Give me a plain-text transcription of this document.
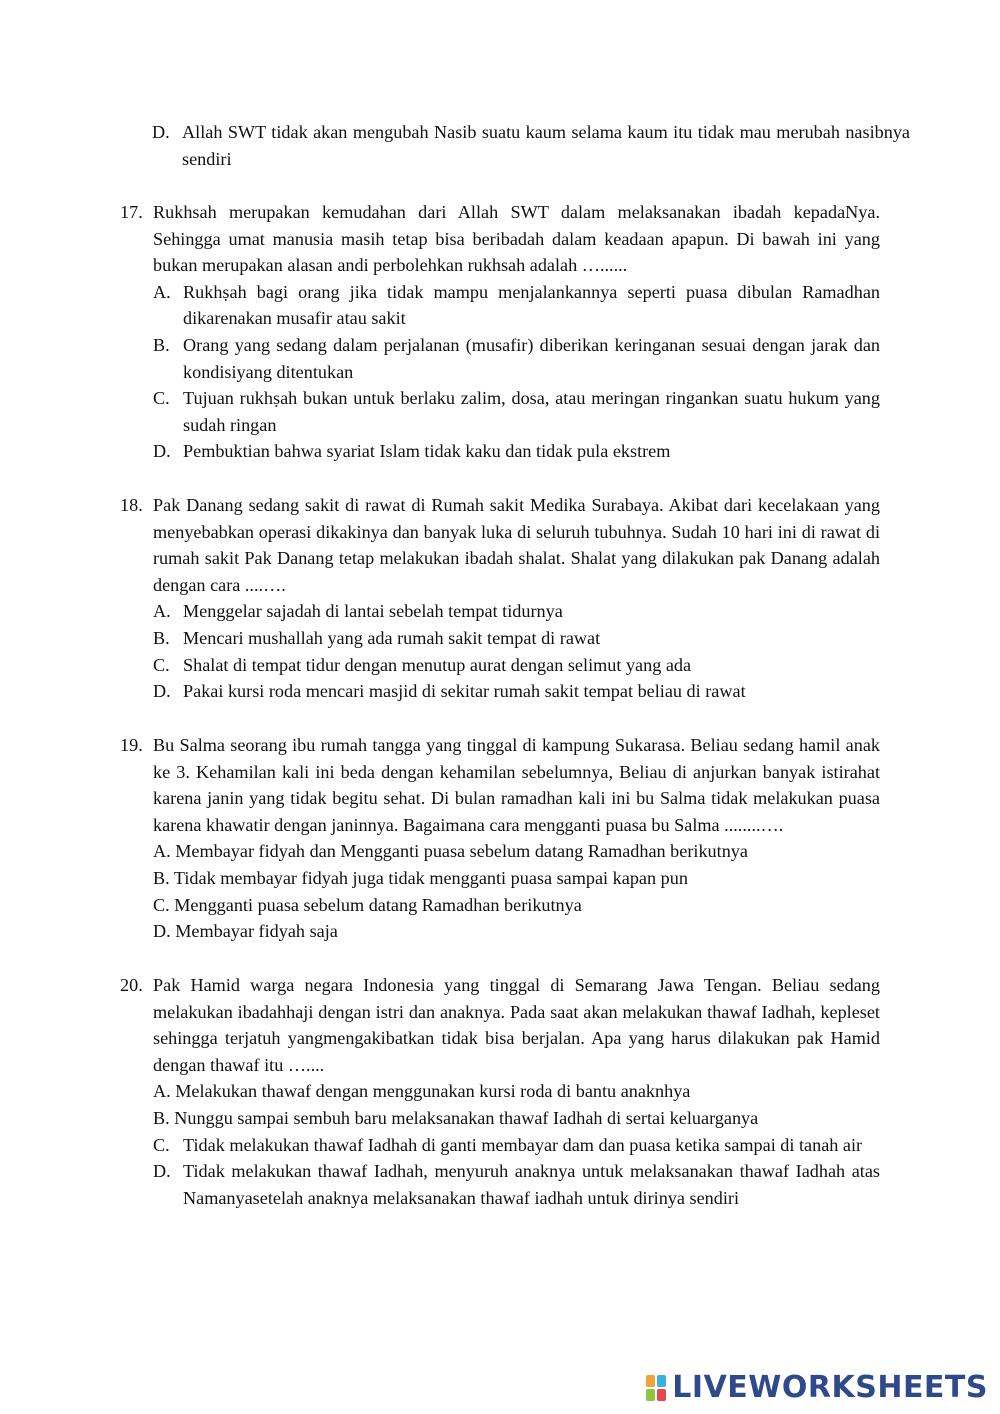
D. Allah SWT tidak akan mengubah Nasib suatu kaum selama kaum itu tidak mau merubah nasibnya sendiri
17. Rukhsah merupakan kemudahan dari Allah SWT dalam melaksanakan ibadah kepadaNya. Sehingga umat manusia masih tetap bisa beribadah dalam keadaan apapun. Di bawah ini yang bukan merupakan alasan andi perbolehkan rukhsah adalah …......
A. Rukhṣah bagi orang jika tidak mampu menjalankannya seperti puasa dibulan Ramadhan dikarenakan musafir atau sakit
B. Orang yang sedang dalam perjalanan (musafir) diberikan keringanan sesuai dengan jarak dan kondisiyang ditentukan
C. Tujuan rukhṣah bukan untuk berlaku zalim, dosa, atau meringan ringankan suatu hukum yang sudah ringan
D. Pembuktian bahwa syariat Islam tidak kaku dan tidak pula ekstrem
18. Pak Danang sedang sakit di rawat di Rumah sakit Medika Surabaya. Akibat dari kecelakaan yang menyebabkan operasi dikakinya dan banyak luka di seluruh tubuhnya. Sudah 10 hari ini di rawat di rumah sakit Pak Danang tetap melakukan ibadah shalat. Shalat yang dilakukan pak Danang adalah dengan cara ....….
A. Menggelar sajadah di lantai sebelah tempat tidurnya
B. Mencari mushallah yang ada rumah sakit tempat di rawat
C. Shalat di tempat tidur dengan menutup aurat dengan selimut yang ada
D. Pakai kursi roda mencari masjid di sekitar rumah sakit tempat beliau di rawat
19. Bu Salma seorang ibu rumah tangga yang tinggal di kampung Sukarasa. Beliau sedang hamil anak ke 3. Kehamilan kali ini beda dengan kehamilan sebelumnya, Beliau di anjurkan banyak istirahat karena janin yang tidak begitu sehat. Di bulan ramadhan kali ini bu Salma tidak melakukan puasa karena khawatir dengan janinnya. Bagaimana cara mengganti puasa bu Salma ........….
A. Membayar fidyah dan Mengganti puasa sebelum datang Ramadhan berikutnya
B. Tidak membayar fidyah juga tidak mengganti puasa sampai kapan pun
C. Mengganti puasa sebelum datang Ramadhan berikutnya
D. Membayar fidyah saja
20. Pak Hamid warga negara Indonesia yang tinggal di Semarang Jawa Tengan. Beliau sedang melakukan ibadahhaji dengan istri dan anaknya. Pada saat akan melakukan thawaf Iadhah, kepleset sehingga terjatuh yangmengakibatkan tidak bisa berjalan. Apa yang harus dilakukan pak Hamid dengan thawaf itu …....
A. Melakukan thawaf dengan menggunakan kursi roda di bantu anaknhya
B. Nunggu sampai sembuh baru melaksanakan thawaf Iadhah di sertai keluarganya
C. Tidak melakukan thawaf Iadhah di ganti membayar dam dan puasa ketika sampai di tanah air
D. Tidak melakukan thawaf Iadhah, menyuruh anaknya untuk melaksanakan thawaf Iadhah atas Namanyasetelah anaknya melaksanakan thawaf iadhah untuk dirinya sendiri
LIVEWORKSHEETS
